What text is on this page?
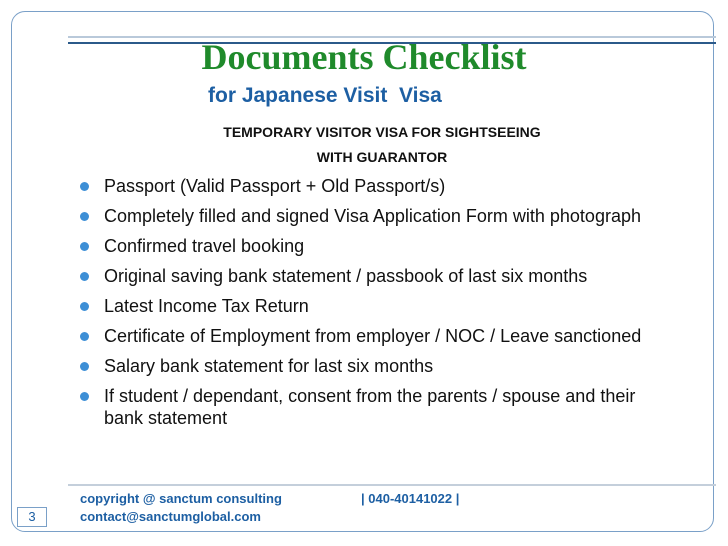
Documents Checklist
for Japanese Visit  Visa
TEMPORARY VISITOR VISA FOR SIGHTSEEING
WITH GUARANTOR
Passport (Valid Passport + Old Passport/s)
Completely filled and signed Visa Application Form with photograph
Confirmed travel booking
Original saving bank statement / passbook of last six months
Latest Income Tax Return
Certificate of Employment from employer / NOC / Leave sanctioned
Salary bank statement for last six months
If student / dependant, consent from the parents / spouse and their bank statement
copyright @ sanctum consulting	| 040-40141022 |
contact@sanctumglobal.com
3
